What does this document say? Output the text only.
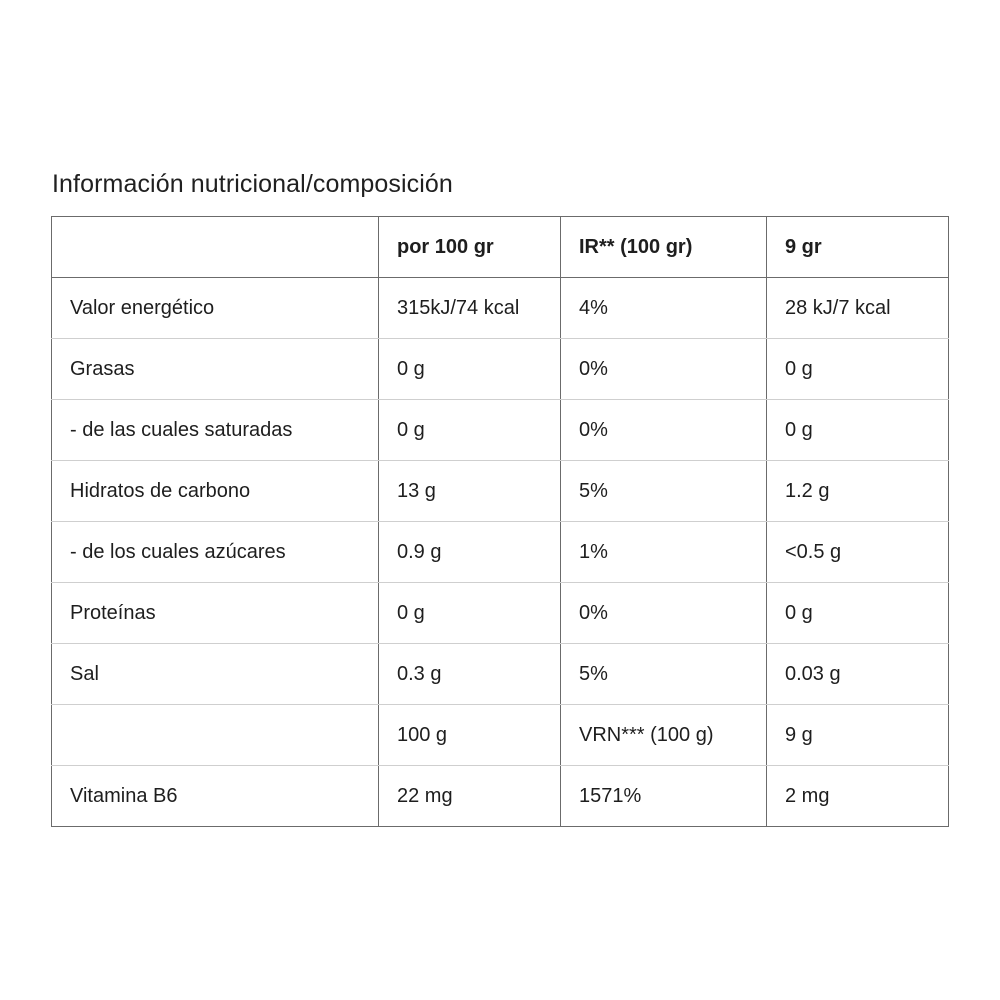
Información nutricional/composición
	por 100 gr	IR** (100 gr)	9 gr
Valor energético	315kJ/74 kcal	4%	28 kJ/7 kcal
Grasas	0 g	0%	0 g
- de las cuales saturadas	0 g	0%	0 g
Hidratos de carbono	13 g	5%	1.2 g
- de los cuales azúcares	0.9 g	1%	<0.5 g
Proteínas	0 g	0%	0 g
Sal	0.3 g	5%	0.03 g
	100 g	VRN*** (100 g)	9 g
Vitamina B6	22 mg	1571%	2 mg
